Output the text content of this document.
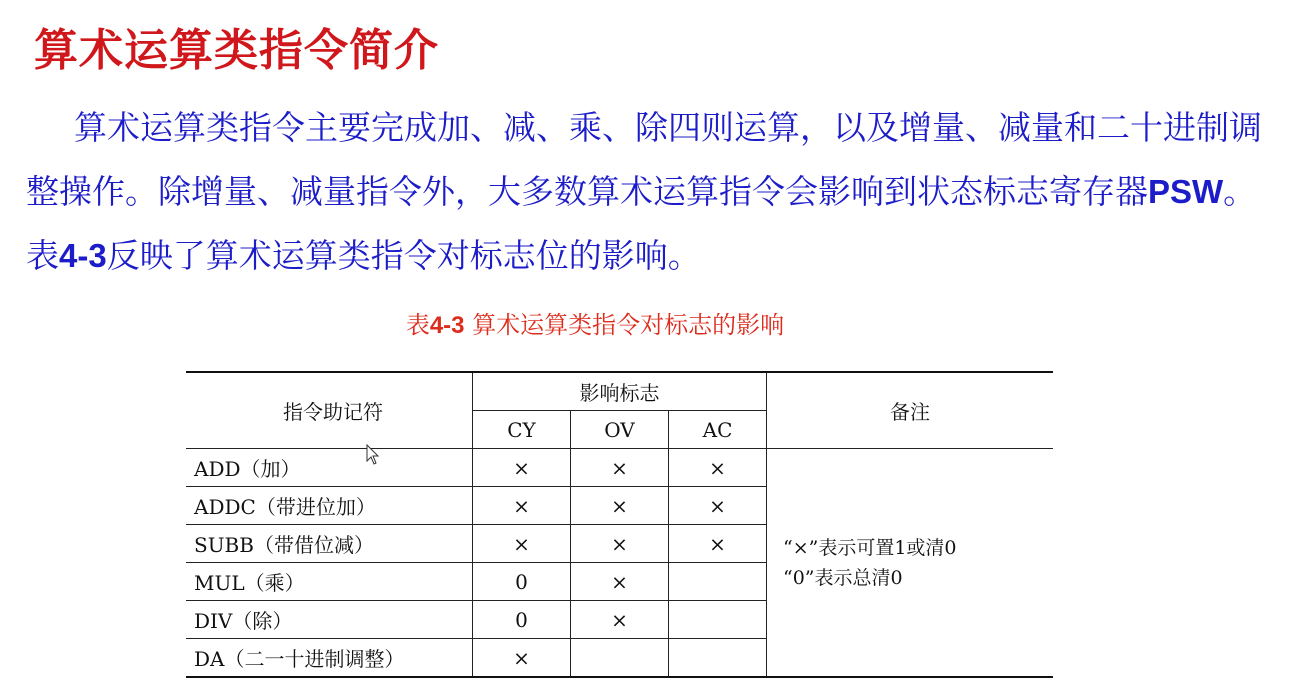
算术运算类指令简介

算术运算类指令主要完成加、减、乘、除四则运算，以及增量、减量和二十进制调整操作。除增量、减量指令外，大多数算术运算指令会影响到状态标志寄存器PSW。表4-3反映了算术运算类指令对标志位的影响。

表4-3 算术运算类指令对标志的影响
指令助记符	影响标志			备注
	CY	OV	AC	
ADD（加）	×	×	×	“×”表示可置1或清0
“0”表示总清0

ADDC（带进位加）	×	×	×	
SUBB（带借位减）	×	×	×	
MUL（乘）	0	×		
DIV（除）	0	×		
DA（二一十进制调整）	×			
